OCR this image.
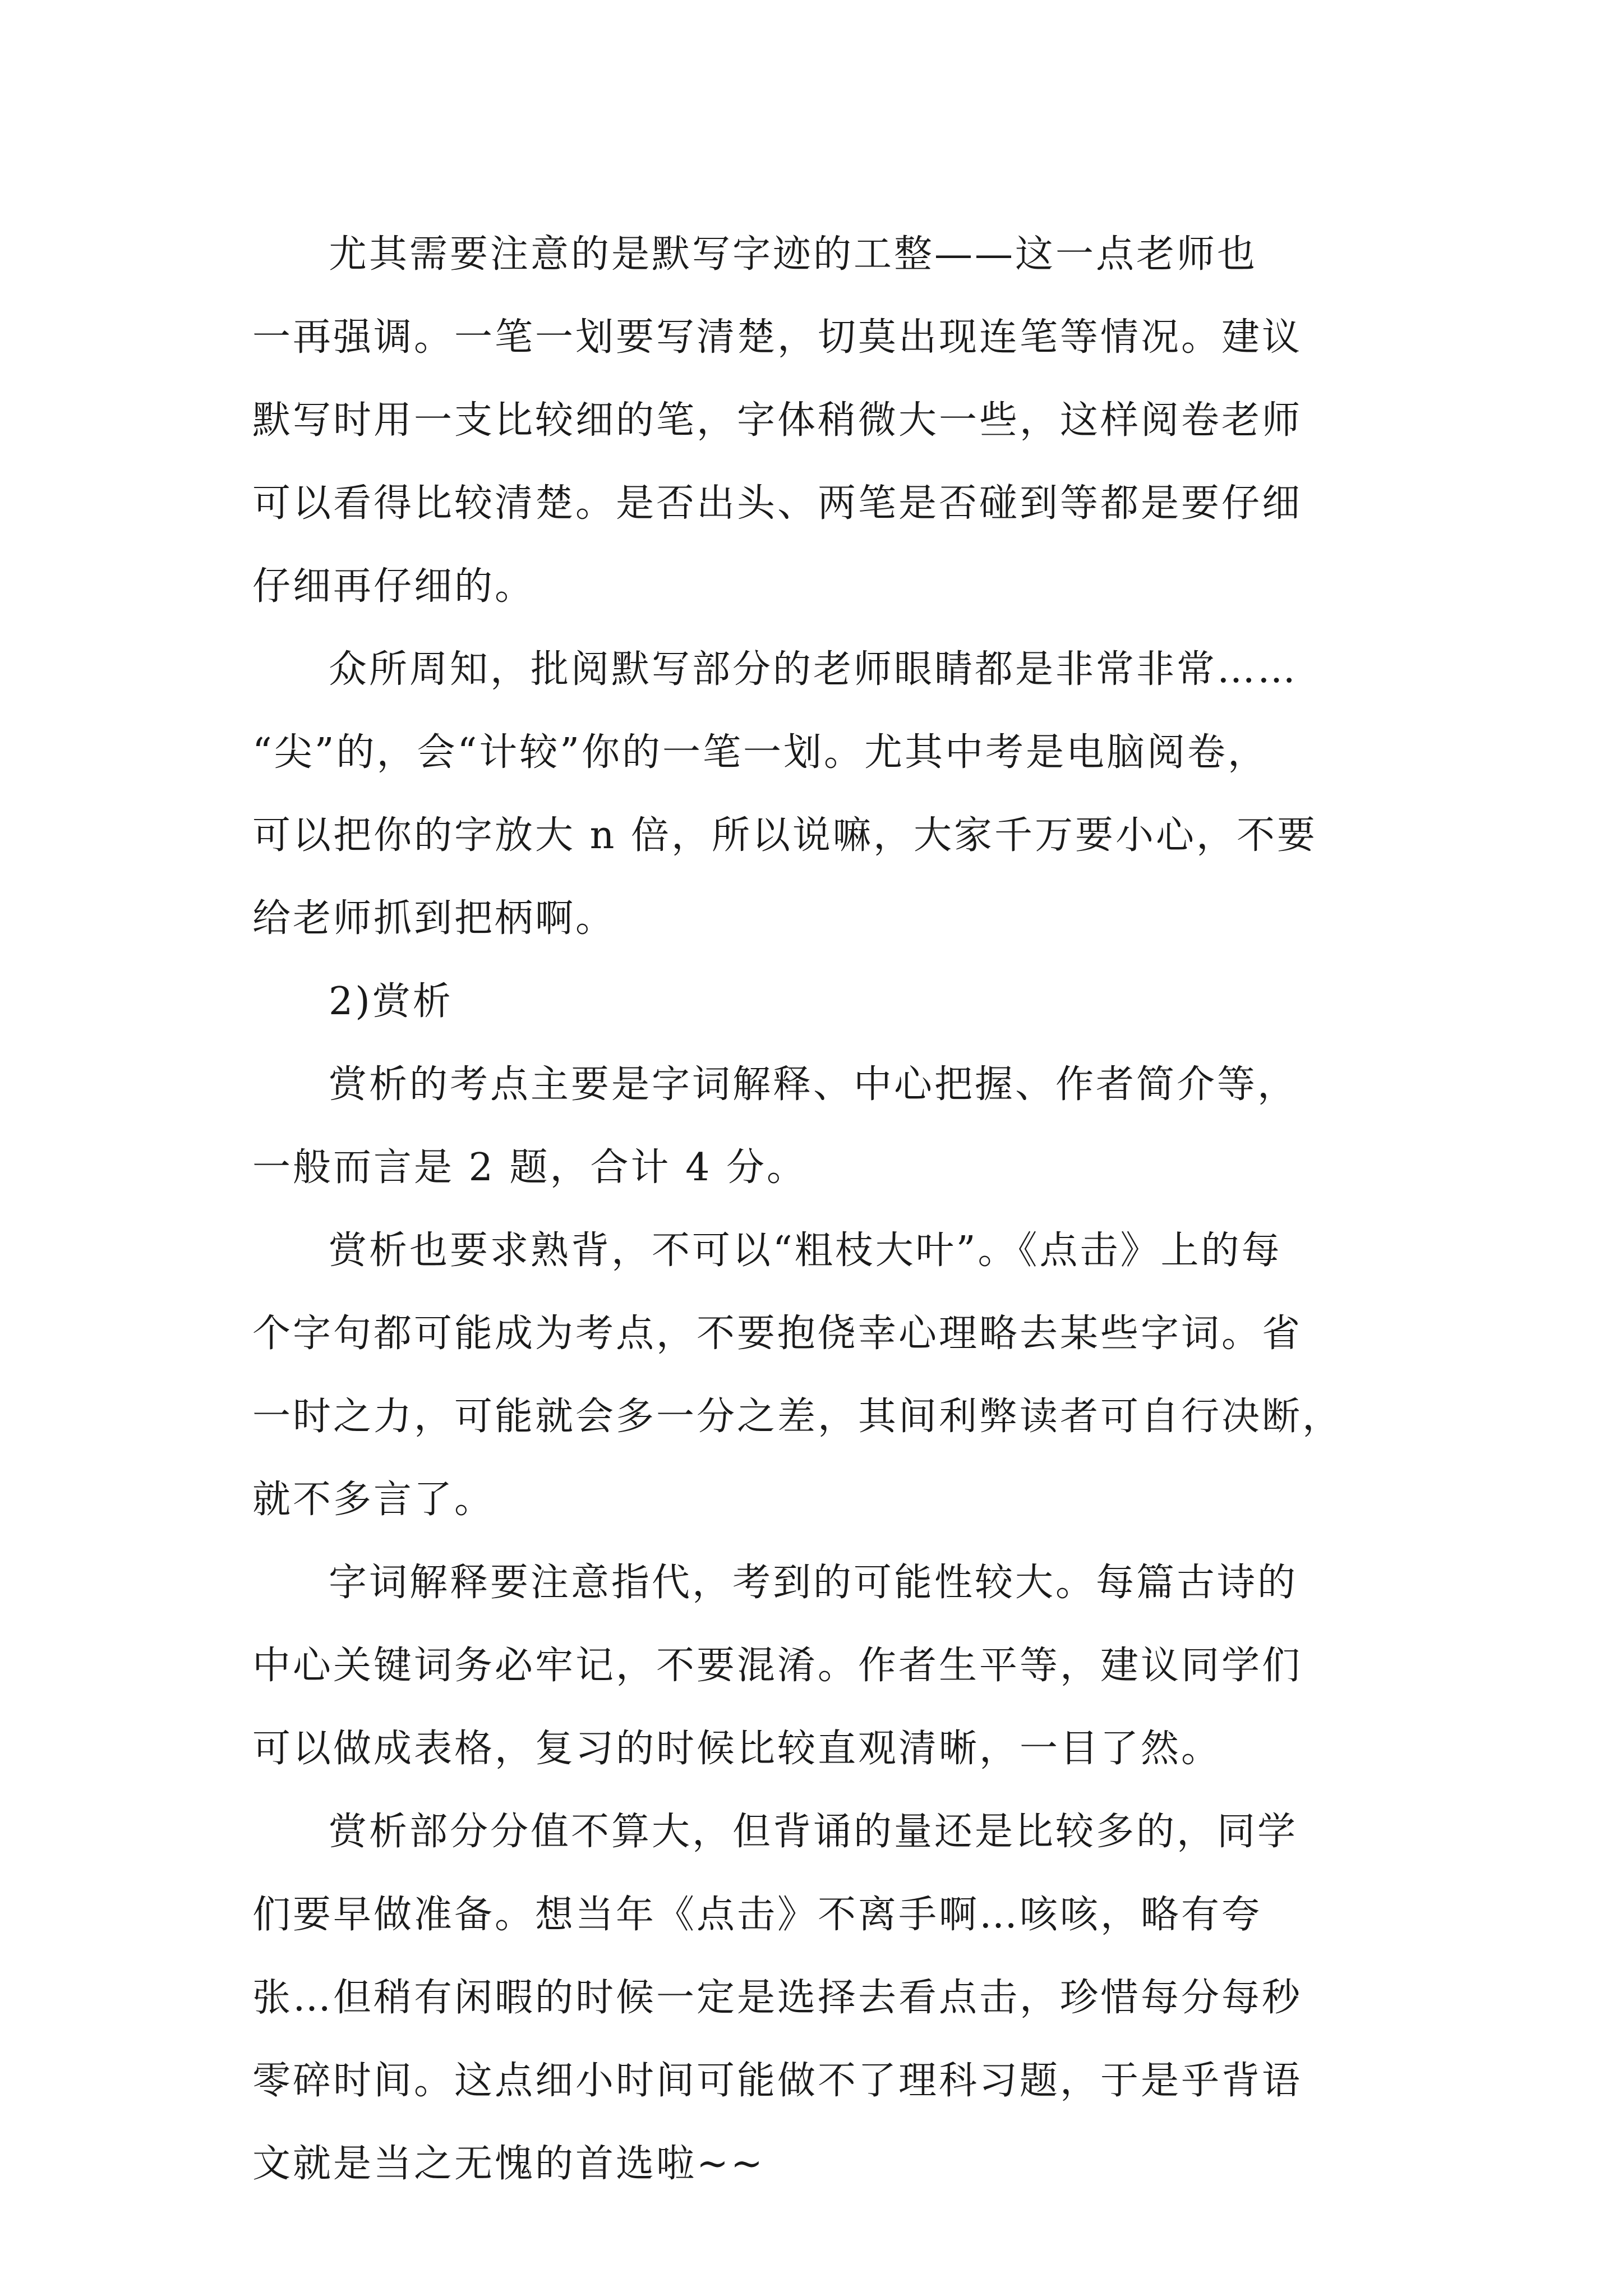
尤其需要注意的是默写字迹的工整——这一点老师也
一再强调。一笔一划要写清楚，切莫出现连笔等情况。建议
默写时用一支比较细的笔，字体稍微大一些，这样阅卷老师
可以看得比较清楚。是否出头、两笔是否碰到等都是要仔细
仔细再仔细的。

众所周知，批阅默写部分的老师眼睛都是非常非常……
“尖”的，会“计较”你的一笔一划。尤其中考是电脑阅卷，
可以把你的字放大 n 倍，所以说嘛，大家千万要小心，不要
给老师抓到把柄啊。

2)赏析

赏析的考点主要是字词解释、中心把握、作者简介等，
一般而言是 2 题，合计 4 分。

赏析也要求熟背，不可以“粗枝大叶”。《点击》上的每
个字句都可能成为考点，不要抱侥幸心理略去某些字词。省
一时之力，可能就会多一分之差，其间利弊读者可自行决断，
就不多言了。

字词解释要注意指代，考到的可能性较大。每篇古诗的
中心关键词务必牢记，不要混淆。作者生平等，建议同学们
可以做成表格，复习的时候比较直观清晰，一目了然。

赏析部分分值不算大，但背诵的量还是比较多的，同学
们要早做准备。想当年《点击》不离手啊…咳咳，略有夸
张…但稍有闲暇的时候一定是选择去看点击，珍惜每分每秒
零碎时间。这点细小时间可能做不了理科习题，于是乎背语
文就是当之无愧的首选啦~~
